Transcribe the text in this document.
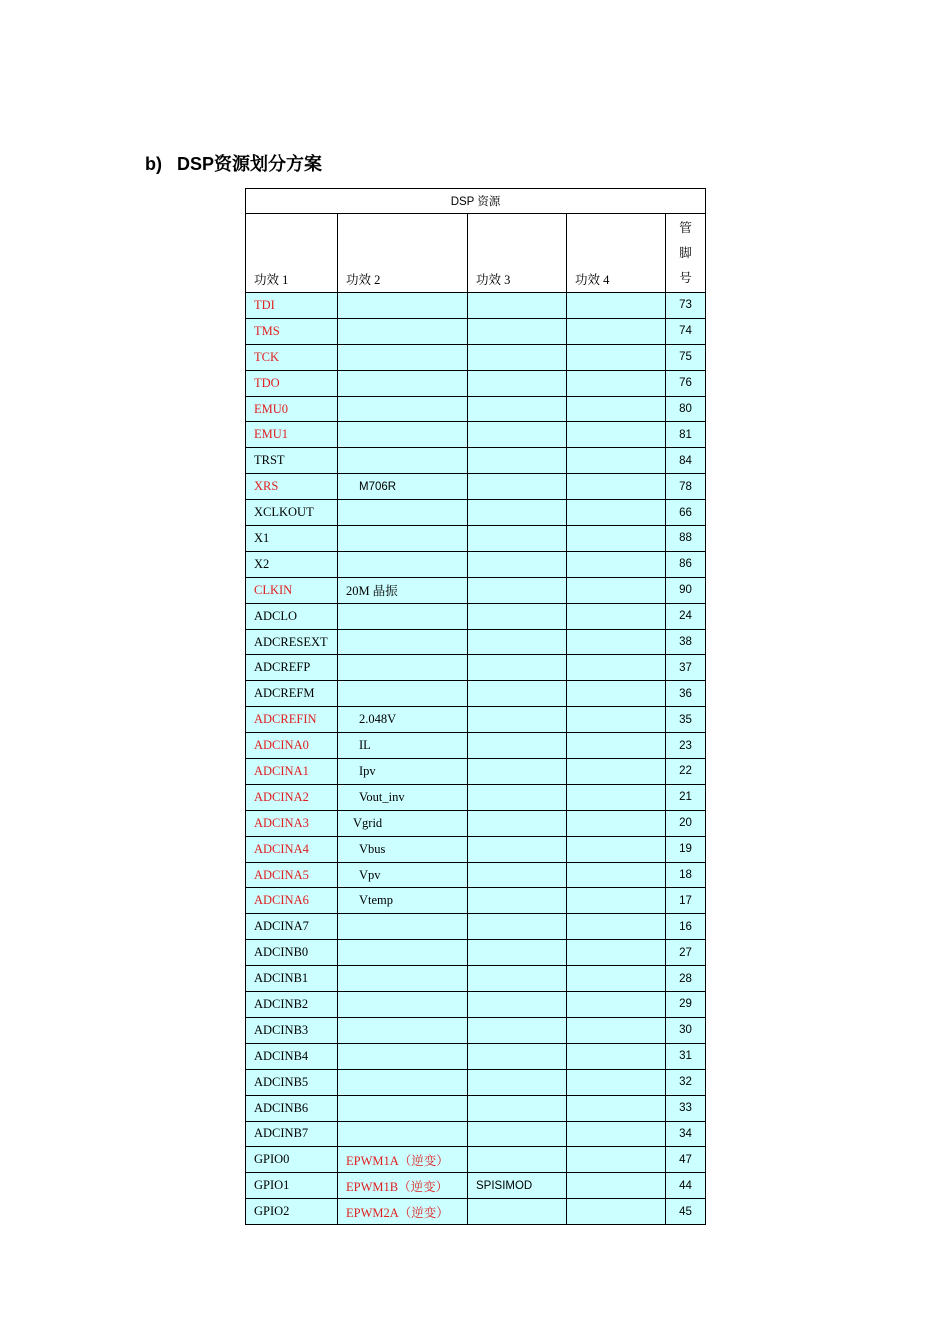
b) DSP资源划分方案
DSP 资源				
功效 1	功效 2	功效 3	功效 4	管
脚
号
TDI				73
TMS				74
TCK				75
TDO				76
EMU0				80
EMU1				81
TRST				84
XRS	M706R			78
XCLKOUT				66
X1				88
X2				86
CLKIN	20M 晶振			90
ADCLO				24
ADCRESEXT				38
ADCREFP				37
ADCREFM				36
ADCREFIN	2.048V			35
ADCINA0	IL			23
ADCINA1	Ipv			22
ADCINA2	Vout_inv			21
ADCINA3	Vgrid			20
ADCINA4	Vbus			19
ADCINA5	Vpv			18
ADCINA6	Vtemp			17
ADCINA7				16
ADCINB0				27
ADCINB1				28
ADCINB2				29
ADCINB3				30
ADCINB4				31
ADCINB5				32
ADCINB6				33
ADCINB7				34
GPIO0	EPWM1A（逆变）			47
GPIO1	EPWM1B（逆变）	SPISIMOD		44
GPIO2	EPWM2A（逆变）			45
